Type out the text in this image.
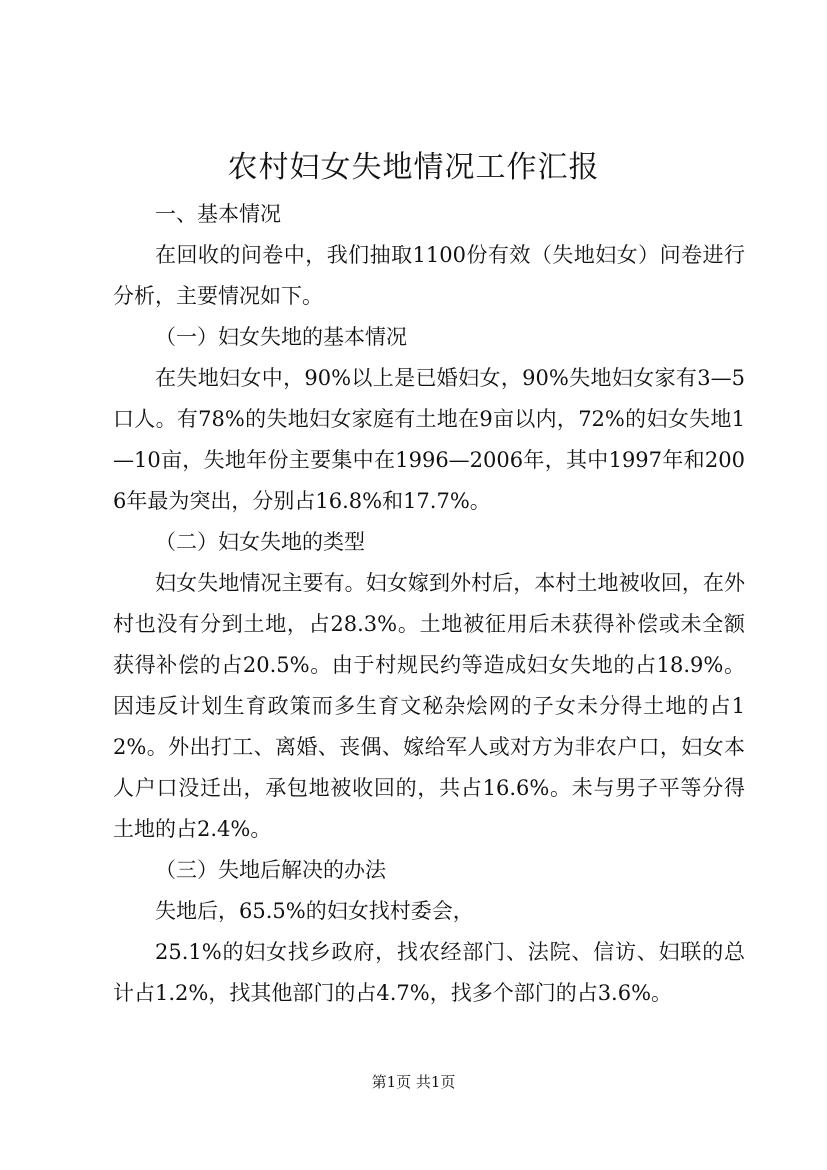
农村妇女失地情况工作汇报

一、基本情况

在回收的问卷中，我们抽取1100份有效（失地妇女）问卷进行分析，主要情况如下。

（一）妇女失地的基本情况

在失地妇女中，90%以上是已婚妇女，90%失地妇女家有3—5口人。有78%的失地妇女家庭有土地在9亩以内，72%的妇女失地1—10亩，失地年份主要集中在1996—2006年，其中1997年和2006年最为突出，分别占16.8%和17.7%。

（二）妇女失地的类型

妇女失地情况主要有。妇女嫁到外村后，本村土地被收回，在外村也没有分到土地，占28.3%。土地被征用后未获得补偿或未全额获得补偿的占20.5%。由于村规民约等造成妇女失地的占18.9%。因违反计划生育政策而多生育文秘杂烩网的子女未分得土地的占12%。外出打工、离婚、丧偶、嫁给军人或对方为非农户口，妇女本人户口没迁出，承包地被收回的，共占16.6%。未与男子平等分得土地的占2.4%。

（三）失地后解决的办法

失地后，65.5%的妇女找村委会，

25.1%的妇女找乡政府，找农经部门、法院、信访、妇联的总计占1.2%，找其他部门的占4.7%，找多个部门的占3.6%。

第1页 共1页
